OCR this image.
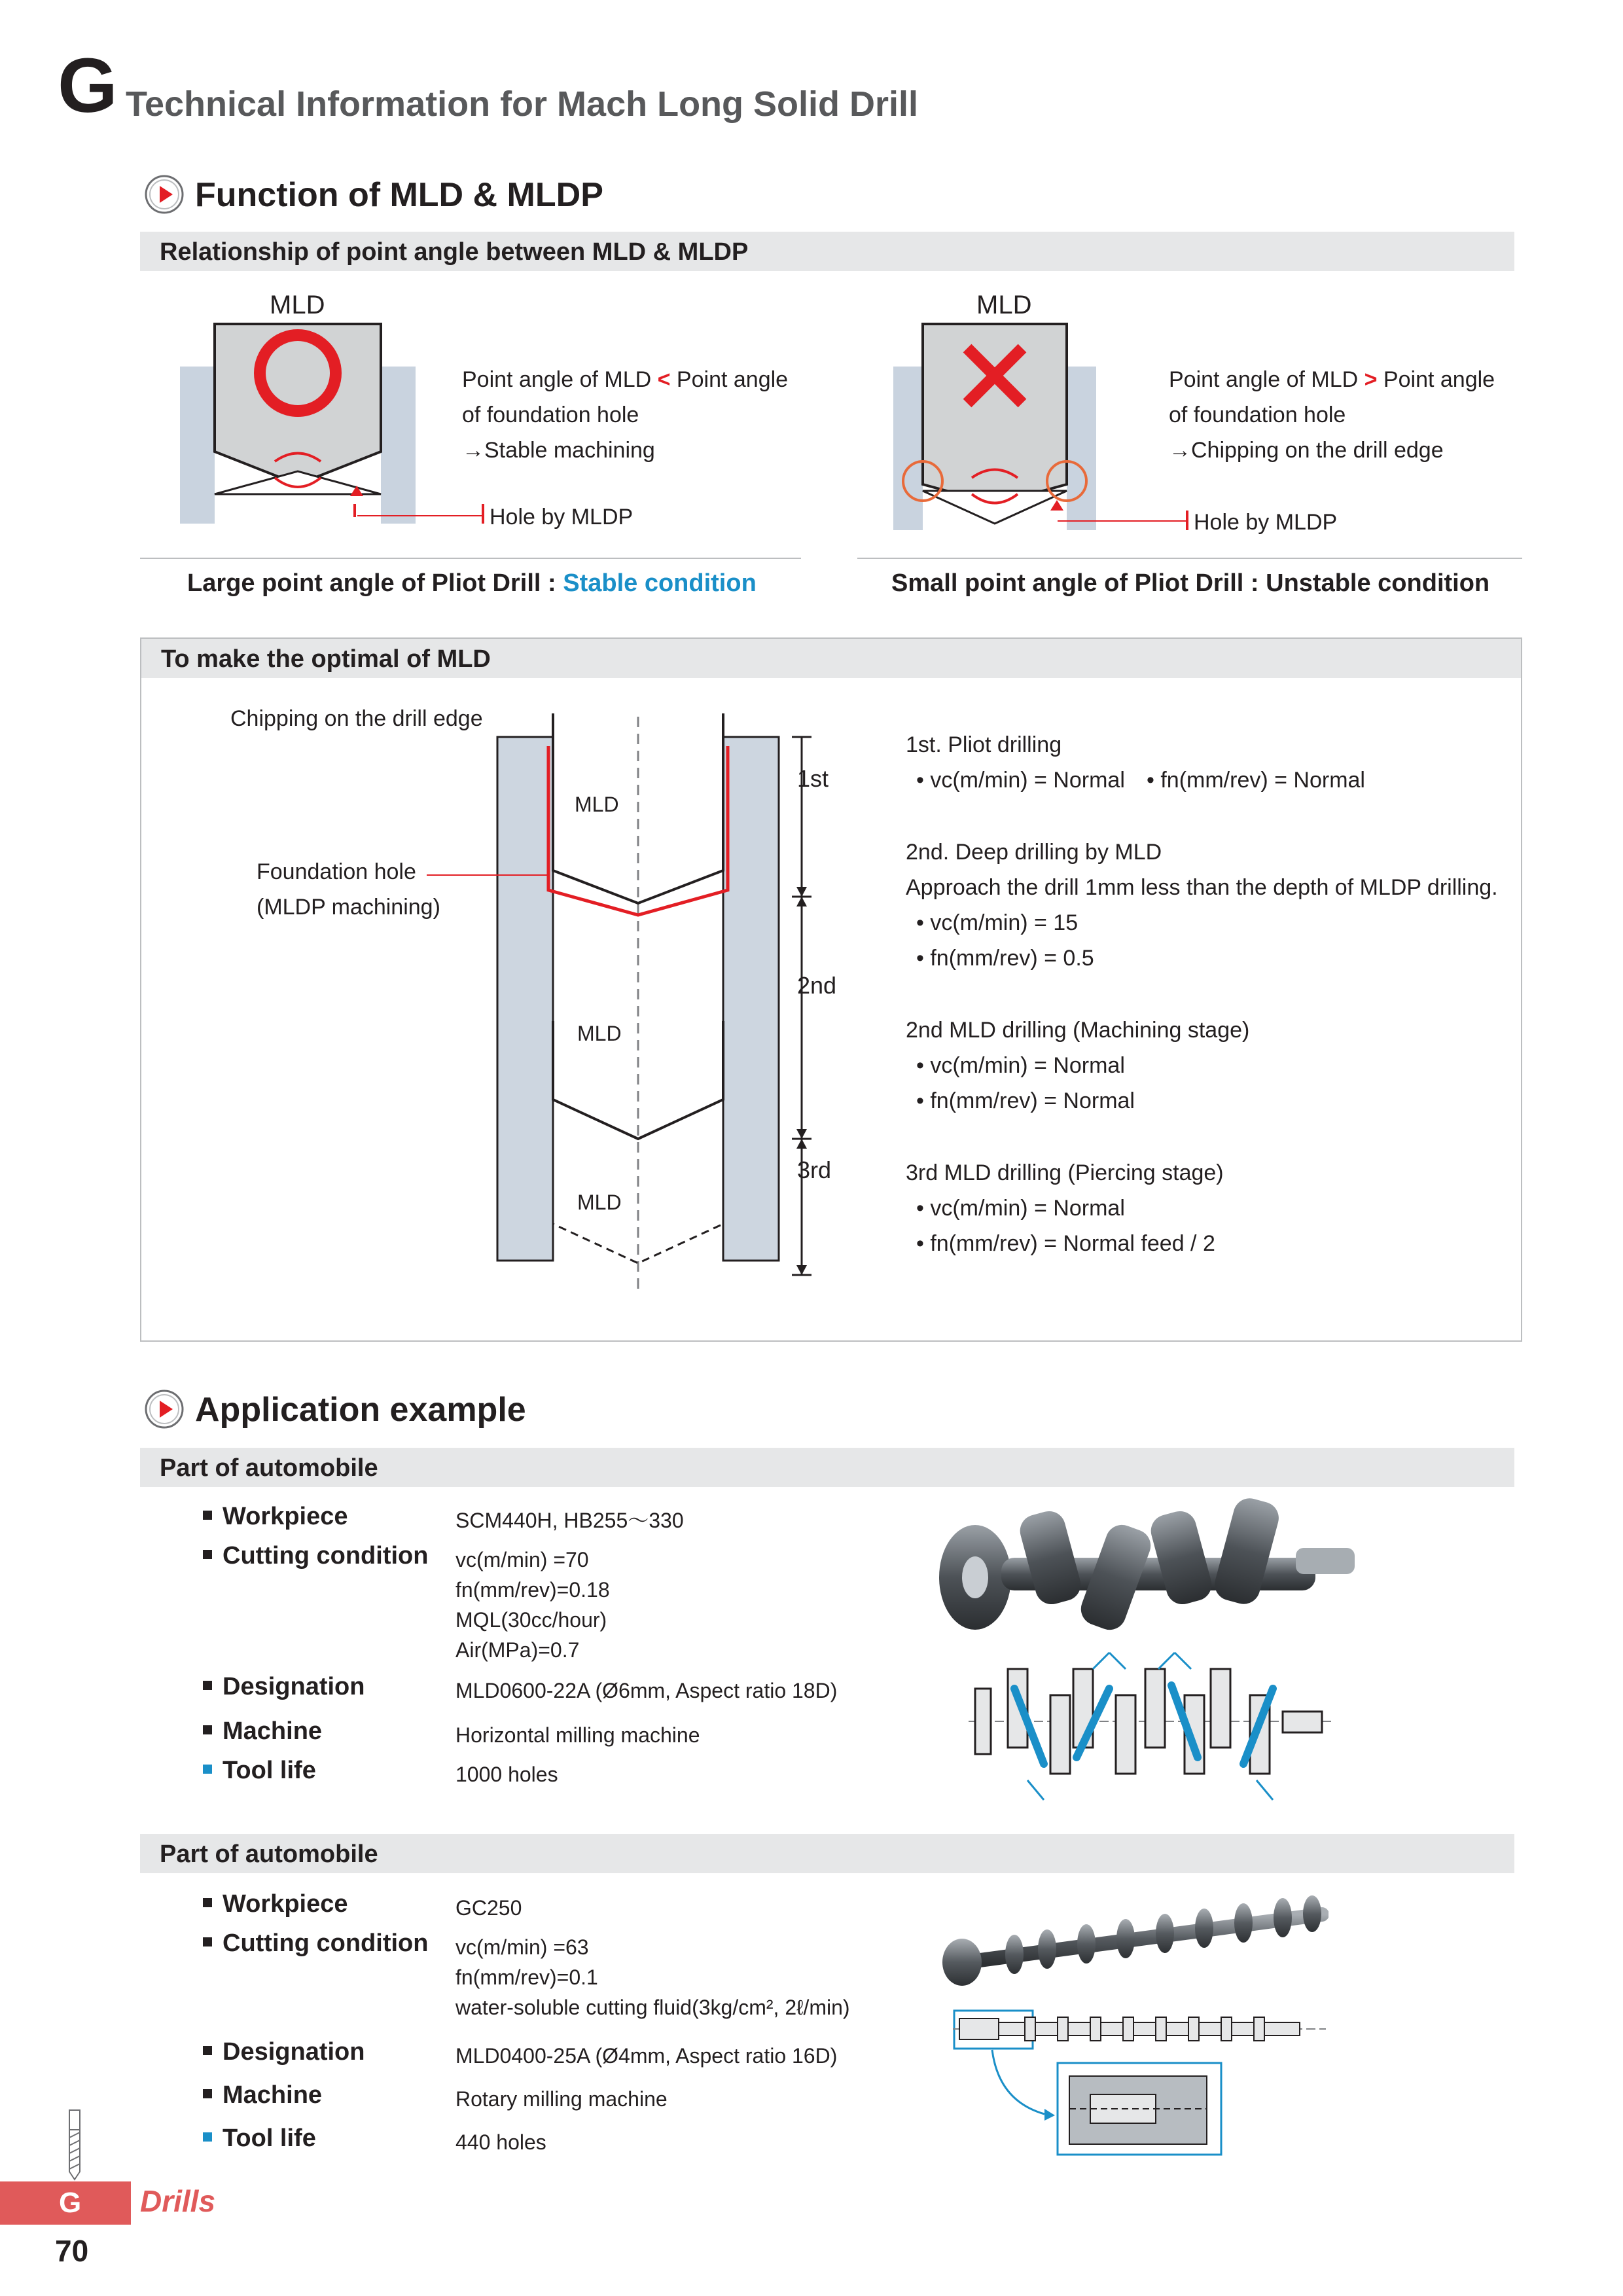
G Technical Information for Mach Long Solid Drill
Function of MLD & MLDP
Relationship of point angle between MLD & MLDP
MLD
Hole by MLDP
Point angle of MLD < Point angle
of foundation hole
→Stable machining
Large point angle of Pliot Drill : Stable condition
MLD
Hole by MLDP
Point angle of MLD > Point angle
of foundation hole
→Chipping on the drill edge
Small point angle of Pliot Drill : Unstable condition
To make the optimal of MLD
Chipping on the drill edge
Foundation hole
(MLDP machining)
MLD
MLD
MLD
1st
2nd
3rd
1st. Pliot drilling
• vc(m/min) = Normal • fn(mm/rev) = Normal
2nd. Deep drilling by MLD
Approach the drill 1mm less than the depth of MLDP drilling.
• vc(m/min) = 15
• fn(mm/rev) = 0.5
2nd MLD drilling (Machining stage)
• vc(m/min) = Normal
• fn(mm/rev) = Normal
3rd MLD drilling (Piercing stage)
• vc(m/min) = Normal
• fn(mm/rev) = Normal feed / 2
Application example
Part of automobile
Workpiece
Cutting condition
Designation
Machine
Tool life
SCM440H, HB255〜330
vc(m/min) =70
fn(mm/rev)=0.18
MQL(30cc/hour)
Air(MPa)=0.7
MLD0600-22A (Ø6mm, Aspect ratio 18D)
Horizontal milling machine
1000 holes
Part of automobile
Workpiece
Cutting condition
Designation
Machine
Tool life
GC250
vc(m/min) =63
fn(mm/rev)=0.1
water-soluble cutting fluid(3kg/cm², 2ℓ/min)
MLD0400-25A (Ø4mm, Aspect ratio 16D)
Rotary milling machine
440 holes
G Drills
70
